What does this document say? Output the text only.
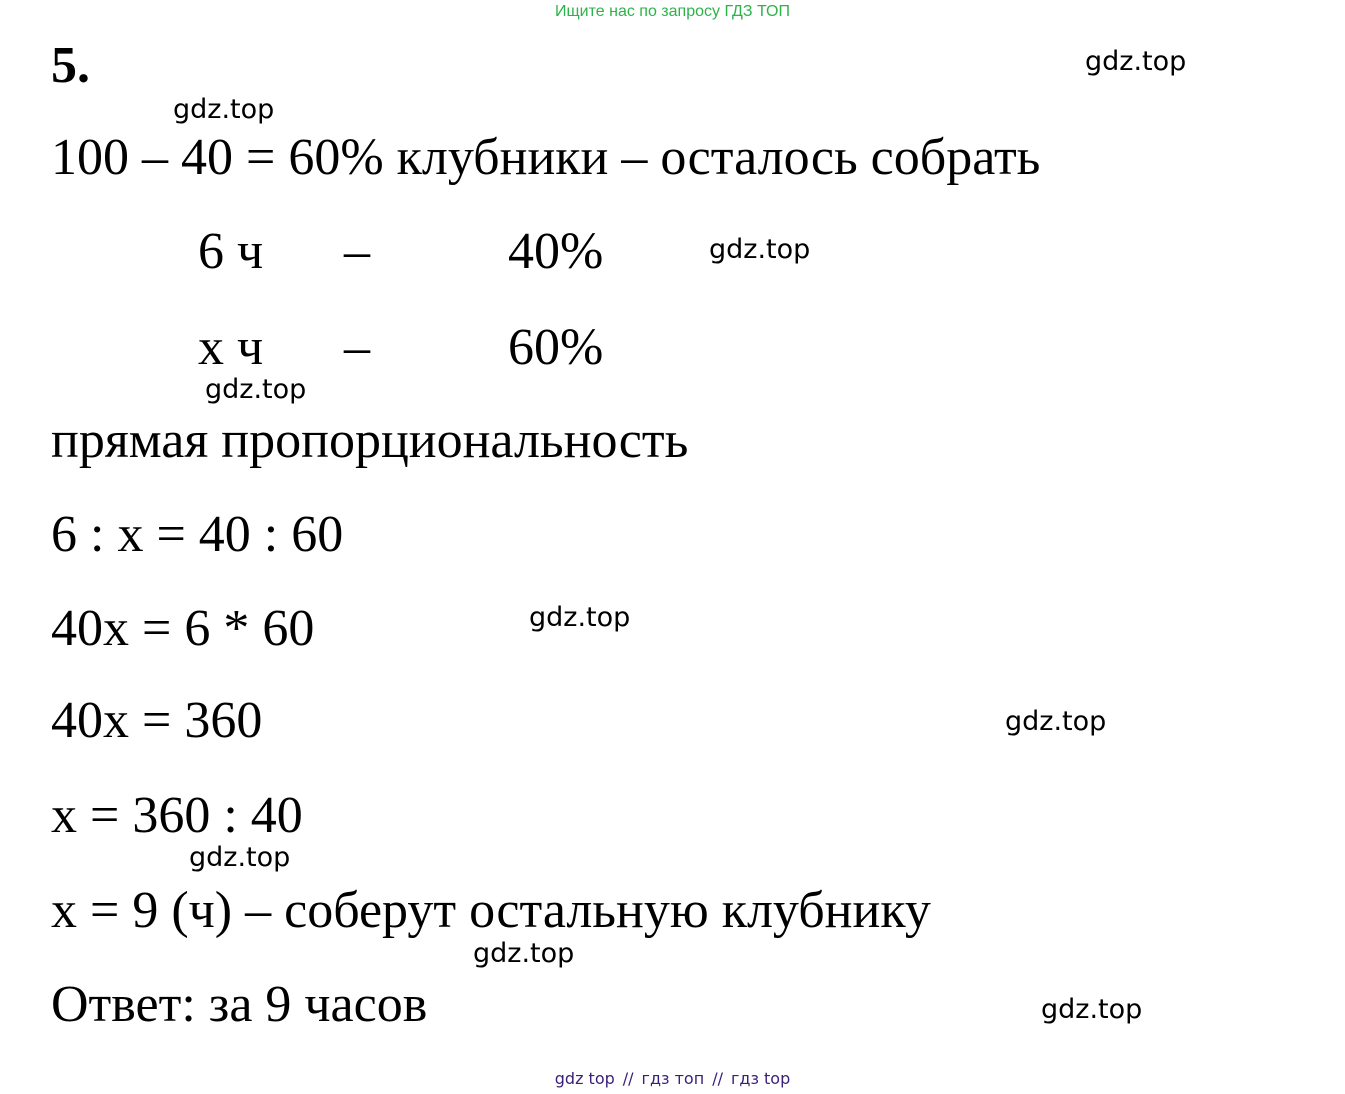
Ищите нас по запросу ГДЗ ТОП
5.
100 – 40 = 60% клубники – осталось собрать
6 ч –	40%
х ч –	60%
прямая пропорциональность
6 : х = 40 : 60
40х = 6 * 60
40х = 360
х = 360 : 40
х = 9 (ч) – соберут остальную клубнику
Ответ: за 9 часов
gdz.top
gdz.top
gdz.top
gdz.top
gdz.top
gdz.top
gdz.top
gdz.top
gdz.top
gdz top // гдз топ // гдз top
